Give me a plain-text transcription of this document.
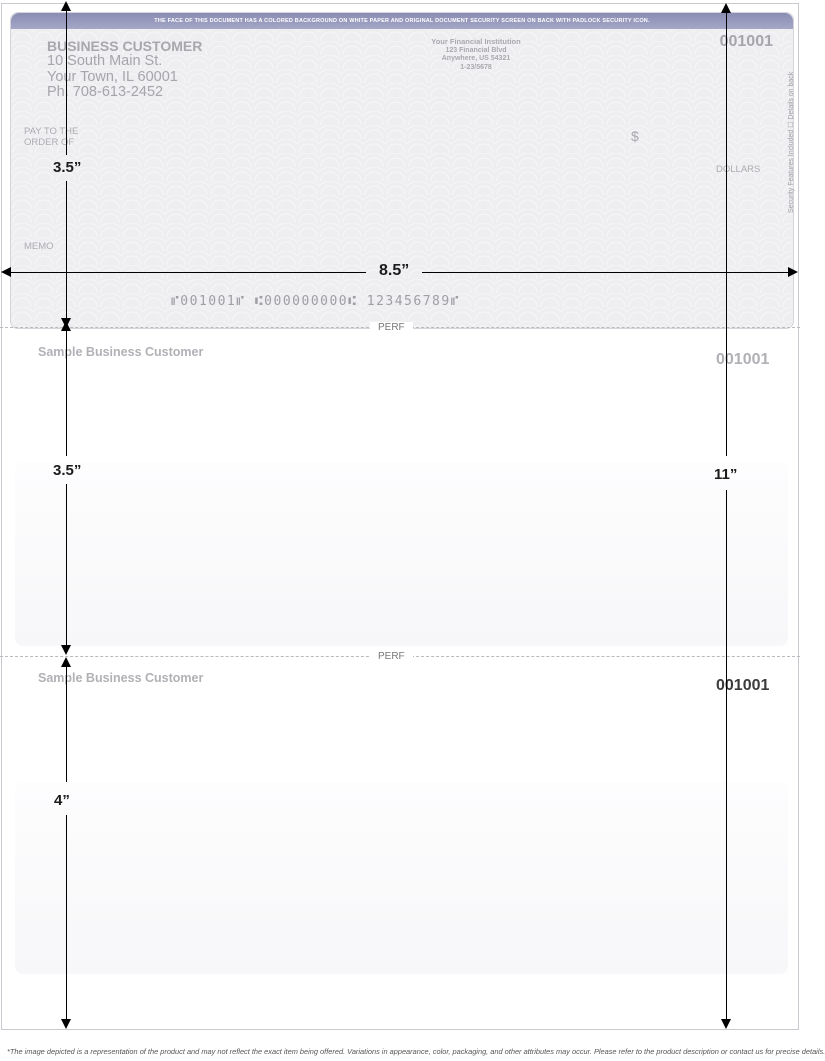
THE FACE OF THIS DOCUMENT HAS A COLORED BACKGROUND ON WHITE PAPER AND ORIGINAL DOCUMENT SECURITY SCREEN ON BACK WITH PADLOCK SECURITY ICON.
BUSINESS CUSTOMER
10 South Main St.
Your Town, IL 60001
Ph. 708-613-2452
Your Financial Institution
123 Financial Blvd
Anywhere, US 54321
1-23/5678
001001
PAY TO THE
ORDER OF	$
DOLLARS
MEMO
⑈001001⑈ ⑆000000000⑆ 123456789⑈
Security Features Included ☐ Details on back
Sample Business Customer	001001
Sample Business Customer	001001
PERF
PERF
3.5”
3.5”
4”
8.5”
11”
*The image depicted is a representation of the product and may not reflect the exact item being offered. Variations in appearance, color, packaging, and other attributes may occur. Please refer to the product description or contact us for precise details.
